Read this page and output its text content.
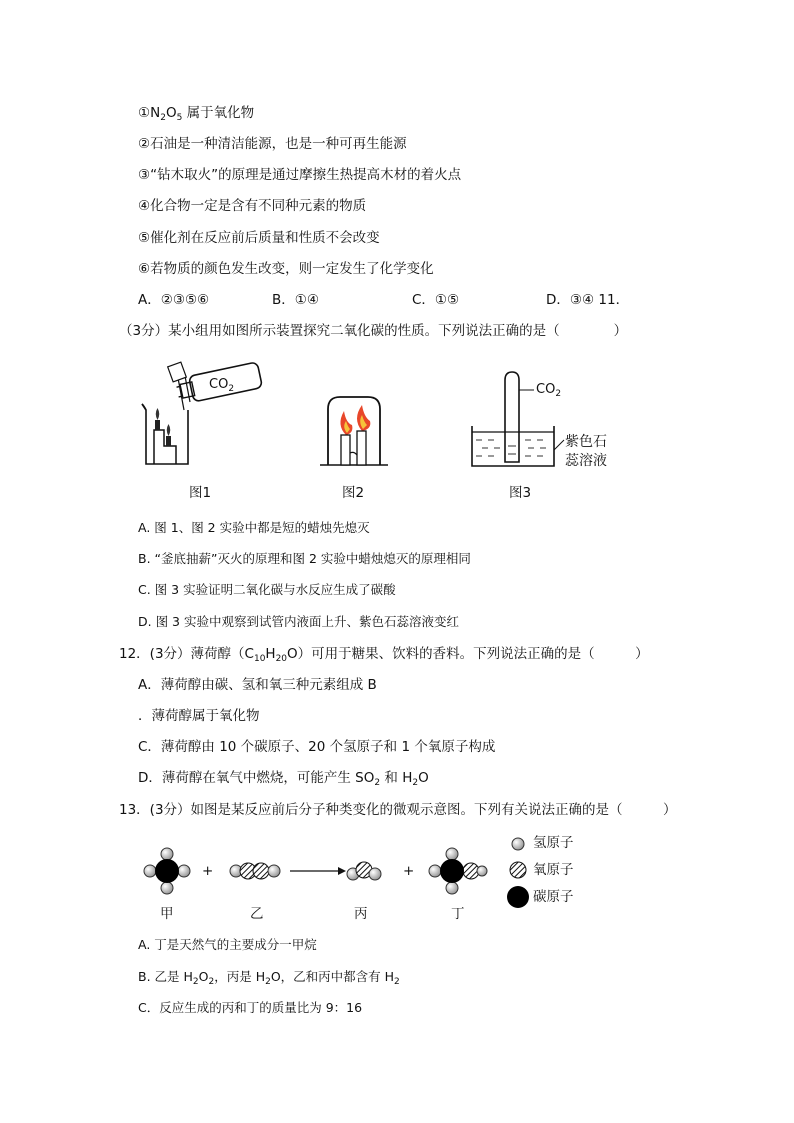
$①N_2O_5$ 属于氧化物
②石油是一种清洁能源，也是一种可再生能源
③“钻木取火”的原理是通过摩擦生热提高木材的着火点
④化合物一定是含有不同种元素的物质
⑤催化剂在反应前后质量和性质不会改变
⑥若物质的颜色发生改变，则一定发生了化学变化
A．②③⑤⑥	B．①④	C．①⑤	D．③④ 11．
（3分）某小组用如图所示装置探究二氧化碳的性质。下列说法正确的是（　　　　）
$CO_2$
图1	图2
$CO_2$
紫色石
蕊溶液
图3
A. 图 1、图 2 实验中都是短的蜡烛先熄灭
B. “釜底抽薪”灭火的原理和图 2 实验中蜡烛熄灭的原理相同
C. 图 3 实验证明二氧化碳与水反应生成了碳酸
D. 图 3 实验中观察到试管内液面上升、紫色石蕊溶液变红
12．(3分）薄荷醇$(C_{10}H_{20}O)$可用于糖果、饮料的香料。下列说法正确的是（　　　）
A．薄荷醇由碳、氢和氧三种元素组成 B
．薄荷醇属于氧化物
C．薄荷醇由 10 个碳原子、20 个氢原子和 1 个氧原子构成
D．薄荷醇在氧气中燃烧，可能产生 $SO_2$ 和 $H_2O$
13．(3分）如图是某反应前后分子种类变化的微观示意图。下列有关说法正确的是（　　　）
+	+
氢原子
氧原子
碳原子
甲	乙	丙	丁
A. 丁是天然气的主要成分一甲烷
B. 乙是 $H_2O_2$，丙是 $H_2O$，乙和丙中都含有 $H_2$
C．反应生成的丙和丁的质量比为 9：16
